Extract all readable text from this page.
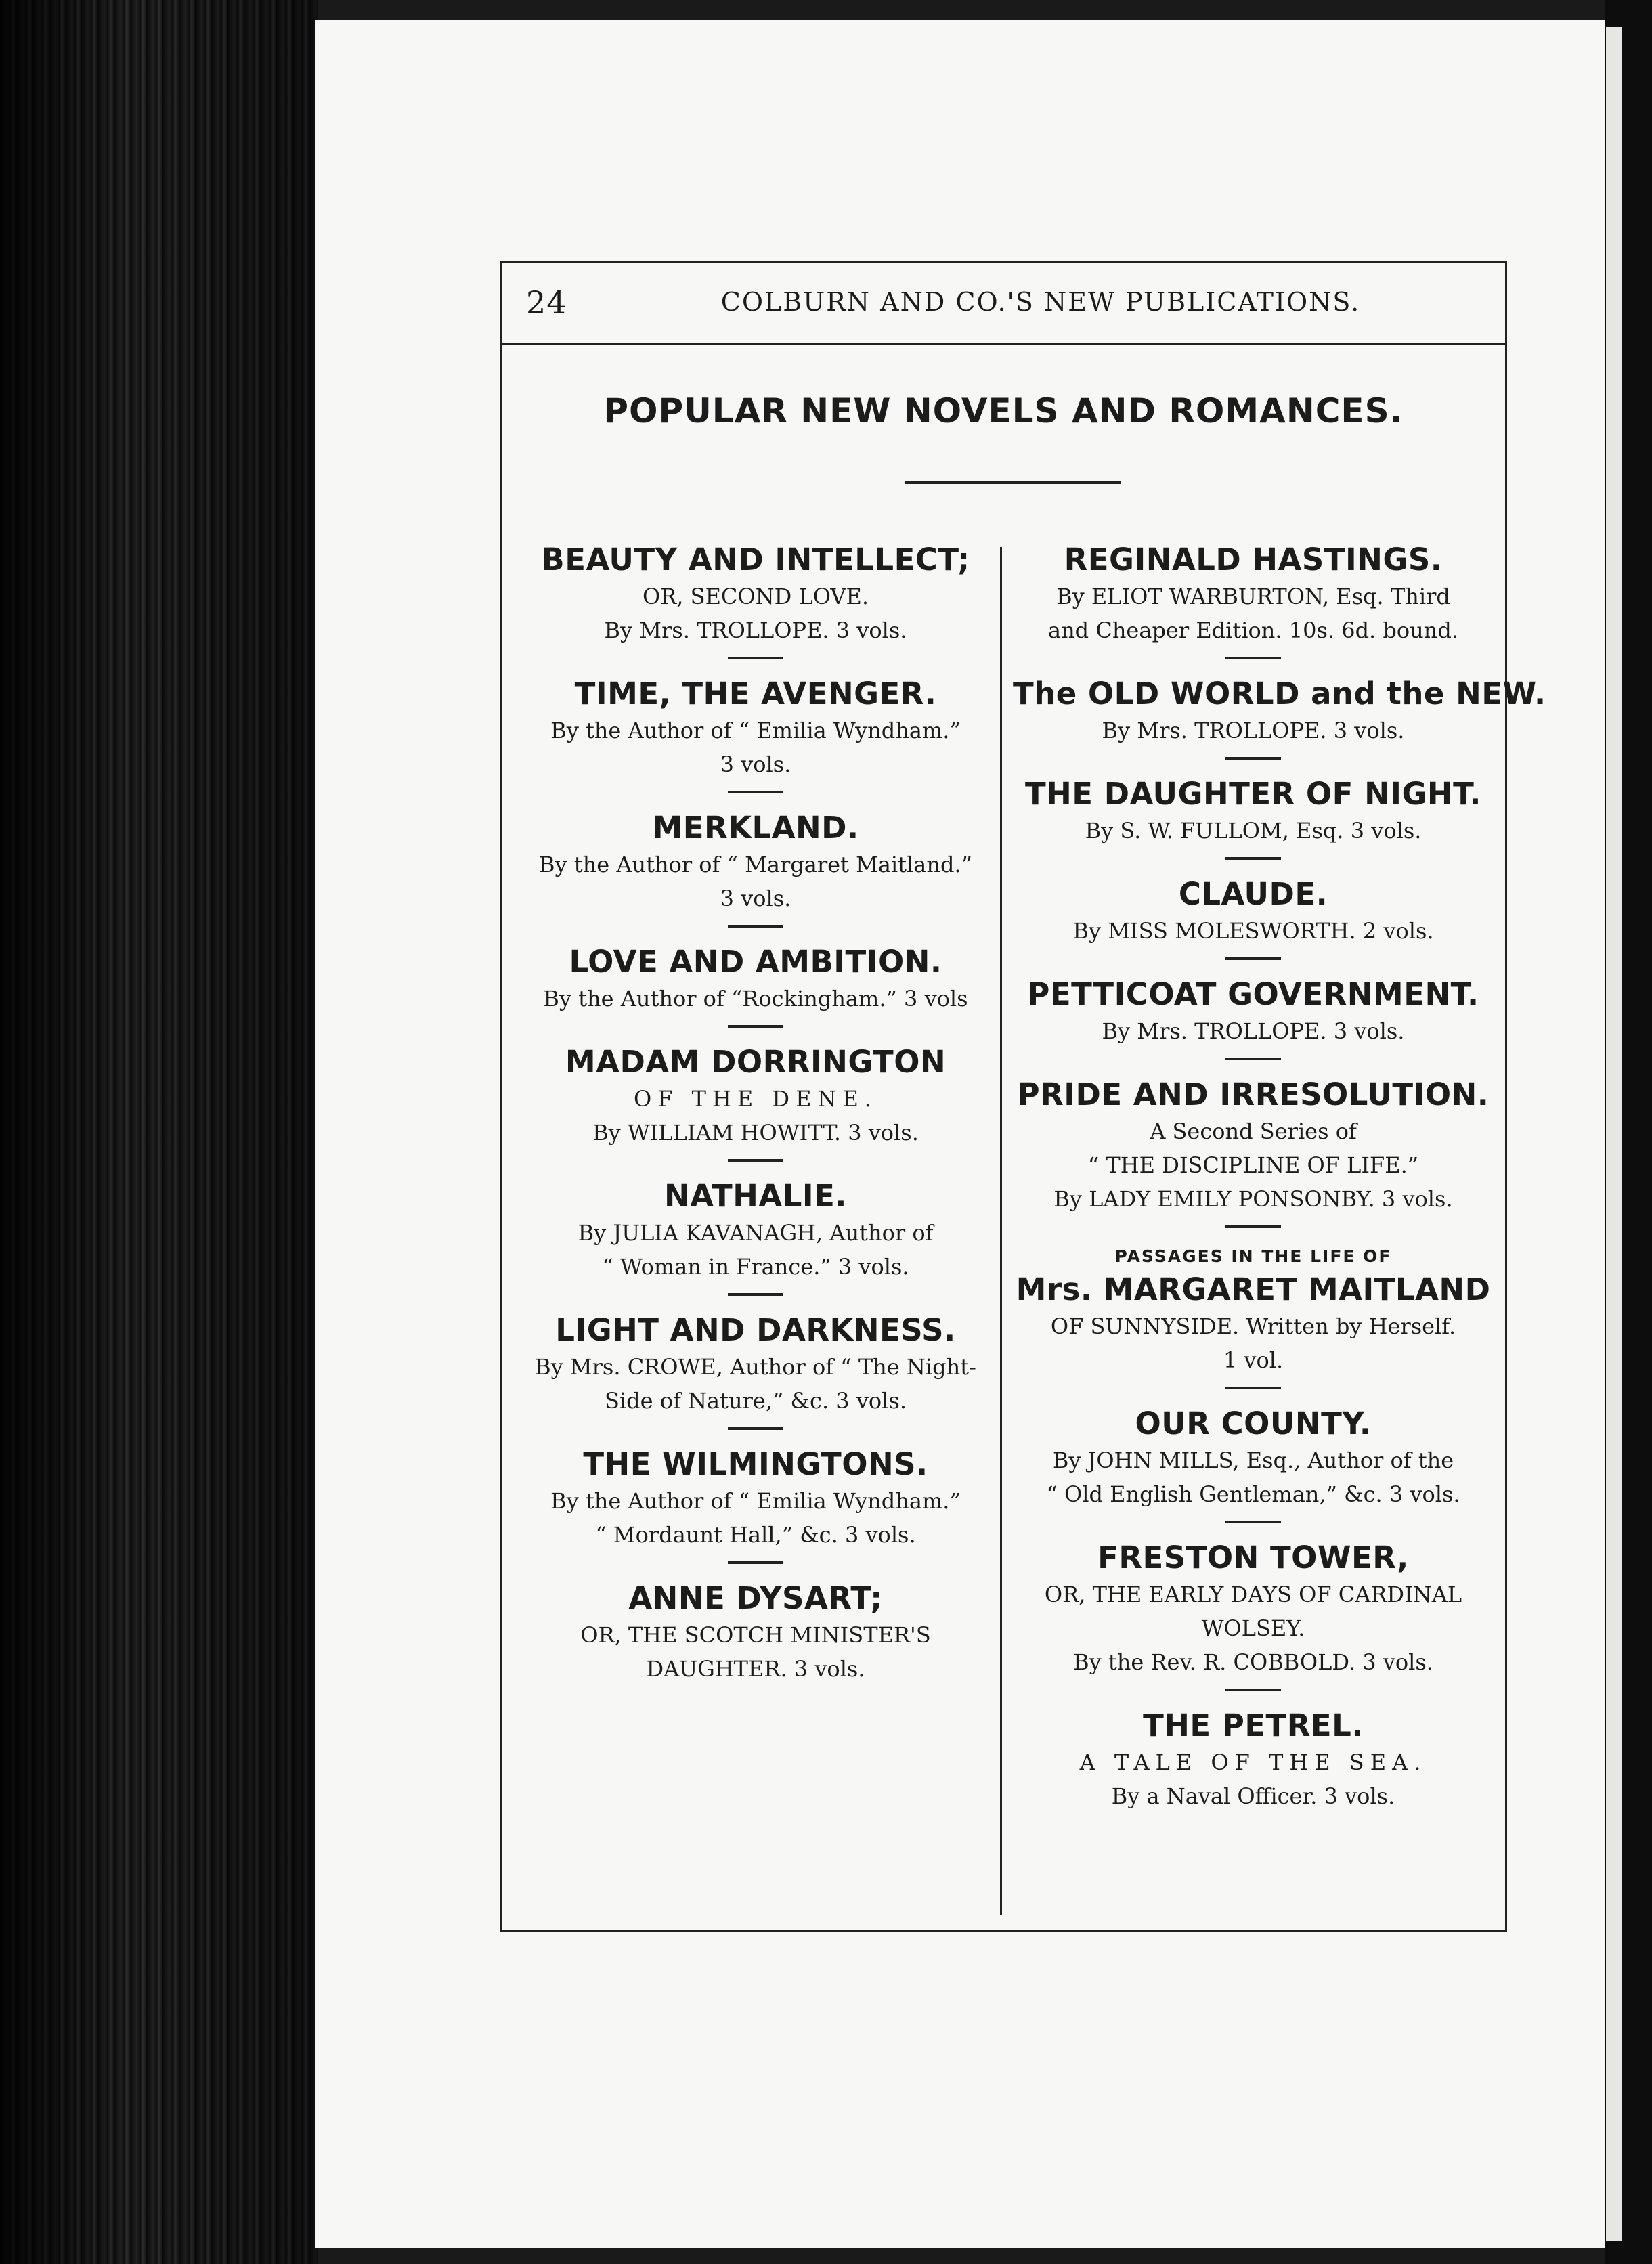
24	COLBURN AND CO.'S NEW PUBLICATIONS.
POPULAR NEW NOVELS AND ROMANCES.
BEAUTY AND INTELLECT;
OR, SECOND LOVE.
By Mrs. TROLLOPE. 3 vols.
TIME, THE AVENGER.
By the Author of “ Emilia Wyndham.”
3 vols.
MERKLAND.
By the Author of “ Margaret Maitland.”
3 vols.
LOVE AND AMBITION.
By the Author of “Rockingham.” 3 vols
MADAM DORRINGTON
OF THE DENE.
By WILLIAM HOWITT. 3 vols.
NATHALIE.
By JULIA KAVANAGH, Author of
“ Woman in France.” 3 vols.
LIGHT AND DARKNESS.
By Mrs. CROWE, Author of “ The Night-
Side of Nature,” &c. 3 vols.
THE WILMINGTONS.
By the Author of “ Emilia Wyndham.”
“ Mordaunt Hall,” &c. 3 vols.
ANNE DYSART;
OR, THE SCOTCH MINISTER'S
DAUGHTER. 3 vols.
REGINALD HASTINGS.
By ELIOT WARBURTON, Esq. Third
and Cheaper Edition. 10s. 6d. bound.
The OLD WORLD and the NEW.
By Mrs. TROLLOPE. 3 vols.
THE DAUGHTER OF NIGHT.
By S. W. FULLOM, Esq. 3 vols.
CLAUDE.
By MISS MOLESWORTH. 2 vols.
PETTICOAT GOVERNMENT.
By Mrs. TROLLOPE. 3 vols.
PRIDE AND IRRESOLUTION.
A Second Series of
“ THE DISCIPLINE OF LIFE.”
By LADY EMILY PONSONBY. 3 vols.
PASSAGES IN THE LIFE OF
Mrs. MARGARET MAITLAND
OF SUNNYSIDE. Written by Herself.
1 vol.
OUR COUNTY.
By JOHN MILLS, Esq., Author of the
“ Old English Gentleman,” &c. 3 vols.
FRESTON TOWER,
OR, THE EARLY DAYS OF CARDINAL
WOLSEY.
By the Rev. R. COBBOLD. 3 vols.
THE PETREL.
A TALE OF THE SEA.
By a Naval Officer. 3 vols.
